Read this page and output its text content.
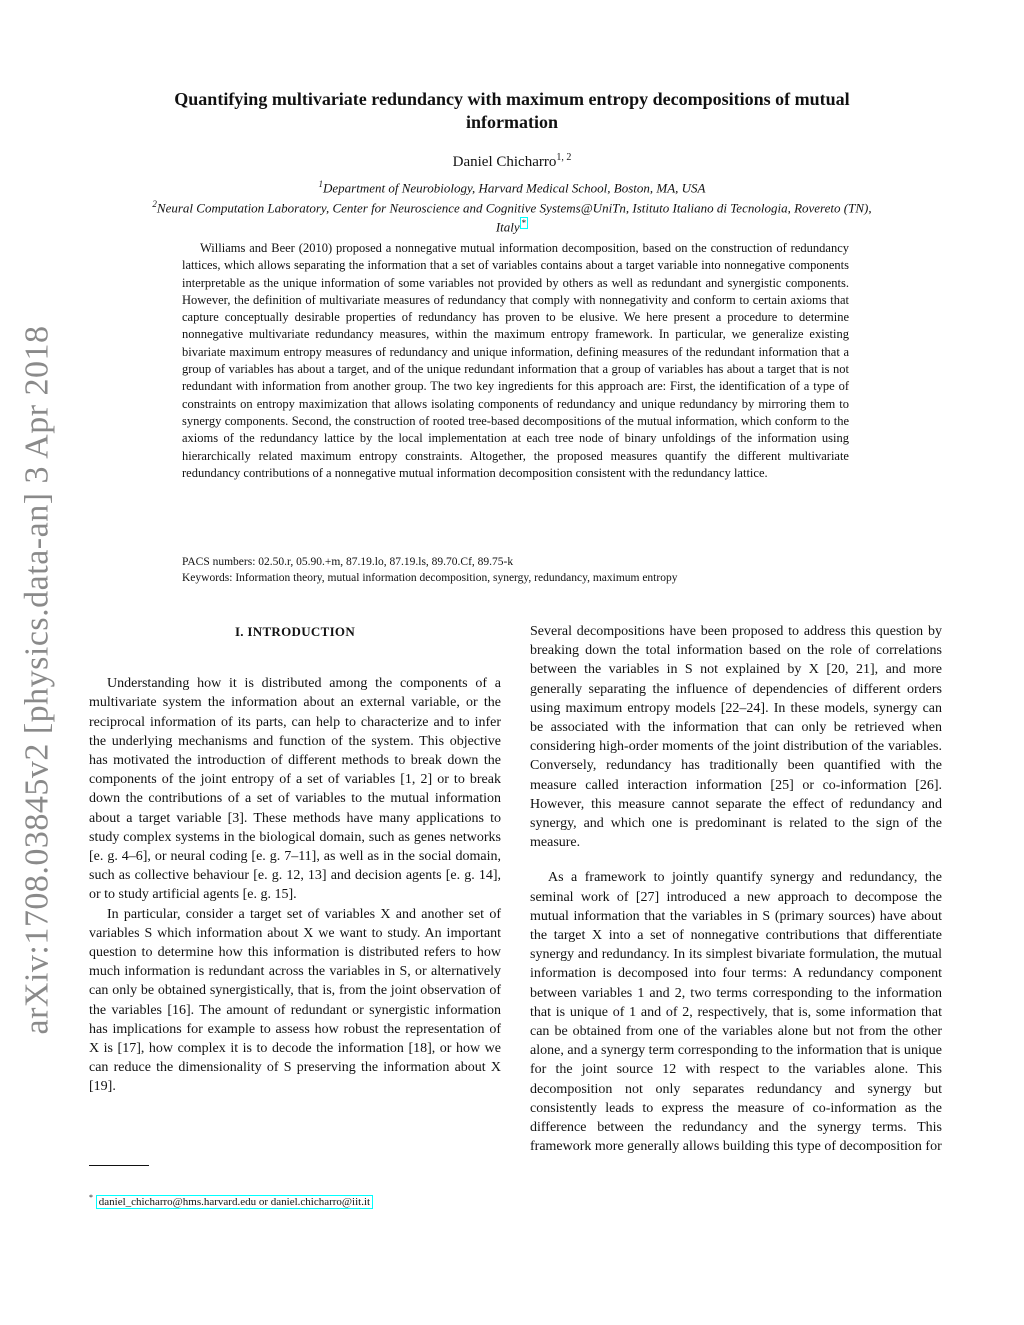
arXiv:1708.03845v2 [physics.data-an] 3 Apr 2018
Quantifying multivariate redundancy with maximum entropy decompositions of mutual information

Daniel Chicharro$^{1, 2}$

$^1$Department of Neurobiology, Harvard Medical School, Boston, MA, USA
$^2$Neural Computation Laboratory, Center for Neuroscience and Cognitive Systems@UniTn, Istituto Italiano di Tecnologia, Rovereto (TN), Italy *

Williams and Beer (2010) proposed a nonnegative mutual information decomposition, based on the construction of redundancy lattices, which allows separating the information that a set of variables contains about a target variable into nonnegative components interpretable as the unique information of some variables not provided by others as well as redundant and synergistic components. However, the definition of multivariate measures of redundancy that comply with nonnegativity and conform to certain axioms that capture conceptually desirable properties of redundancy has proven to be elusive. We here present a procedure to determine nonnegative multivariate redundancy measures, within the maximum entropy framework. In particular, we generalize existing bivariate maximum entropy measures of redundancy and unique information, defining measures of the redundant information that a group of variables has about a target, and of the unique redundant information that a group of variables has about a target that is not redundant with information from another group. The two key ingredients for this approach are: First, the identification of a type of constraints on entropy maximization that allows isolating components of redundancy and unique redundancy by mirroring them to synergy components. Second, the construction of rooted tree-based decompositions of the mutual information, which conform to the axioms of the redundancy lattice by the local implementation at each tree node of binary unfoldings of the information using hierarchically related maximum entropy constraints. Altogether, the proposed measures quantify the different multivariate redundancy contributions of a nonnegative mutual information decomposition consistent with the redundancy lattice.

PACS numbers: 02.50.r, 05.90.+m, 87.19.lo, 87.19.ls, 89.70.Cf, 89.75-k

Keywords: Information theory, mutual information decomposition, synergy, redundancy, maximum entropy

I. INTRODUCTION

Understanding how it is distributed among the components of a multivariate system the information about an external variable, or the reciprocal information of its parts, can help to characterize and to infer the underlying mechanisms and function of the system. This objective has motivated the introduction of different methods to break down the components of the joint entropy of a set of variables [1, 2] or to break down the contributions of a set of variables to the mutual information about a target variable [3]. These methods have many applications to study complex systems in the biological domain, such as genes networks [e. g. 4–6], or neural coding [e. g. 7–11], as well as in the social domain, such as collective behaviour [e. g. 12, 13] and decision agents [e. g. 14], or to study artificial agents [e. g. 15].

In particular, consider a target set of variables X and another set of variables S which information about X we want to study. An important question to determine how this information is distributed refers to how much information is redundant across the variables in S, or alternatively can only be obtained synergistically, that is, from the joint observation of the variables [16]. The amount of redundant or synergistic information has implications for example to assess how robust the representation of X is [17], how complex it is to decode the information [18], or how we can reduce the dimensionality of S preserving the information about X [19].

Several decompositions have been proposed to address this question by breaking down the total information based on the role of correlations between the variables in S not explained by X [20, 21], and more generally separating the influence of dependencies of different orders using maximum entropy models [22–24]. In these models, synergy can be associated with the information that can only be retrieved when considering high-order moments of the joint distribution of the variables. Conversely, redundancy has traditionally been quantified with the measure called interaction information [25] or co-information [26]. However, this measure cannot separate the effect of redundancy and synergy, and which one is predominant is related to the sign of the measure.

As a framework to jointly quantify synergy and redundancy, the seminal work of [27] introduced a new approach to decompose the mutual information that the variables in S (primary sources) have about the target X into a set of nonnegative contributions that differentiate synergy and redundancy. In its simplest bivariate formulation, the mutual information is decomposed into four terms: A redundancy component between variables 1 and 2, two terms corresponding to the information that is unique of 1 and of 2, respectively, that is, some information that can be obtained from one of the variables alone but not from the other alone, and a synergy term corresponding to the information that is unique for the joint source 12 with respect to the variables alone. This decomposition not only separates redundancy and synergy but consistently leads to express the measure of co-information as the difference between the redundancy and the synergy terms. This framework more generally allows building this type of decomposition for

* daniel_chicharro@hms.harvard.edu or daniel.chicharro@iit.it
